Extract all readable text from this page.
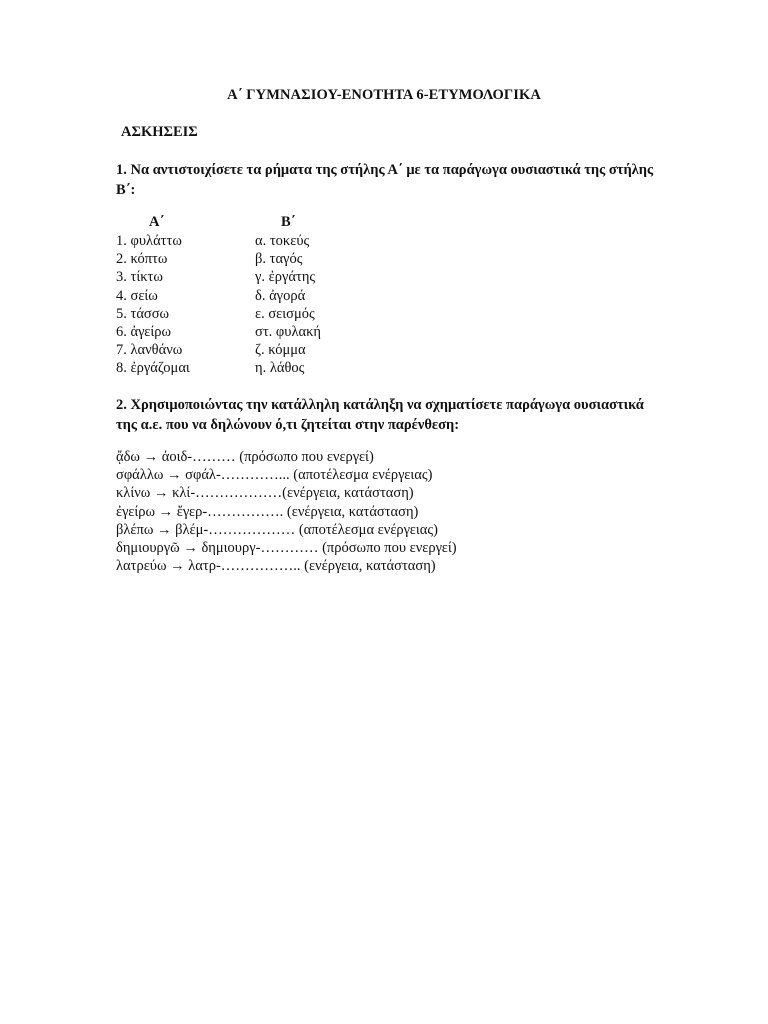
Α΄ ΓΥΜΝΑΣΙΟΥ-ΕΝΟΤΗΤΑ 6-ΕΤΥΜΟΛΟΓΙΚΑ
ΑΣΚΗΣΕΙΣ
1. Να αντιστοιχίσετε τα ρήματα της στήλης Α΄ με τα παράγωγα ουσιαστικά της στήλης Β΄:
Α΄	Β΄
1. φυλάττω
2. κόπτω
3. τίκτω
4. σείω
5. τάσσω
6. ἀγείρω
7. λανθάνω
8. ἐργάζομαι
α. τοκεύς
β. ταγός
γ. ἐργάτης
δ. ἀγορά
ε. σεισμός
στ. φυλακή
ζ. κόμμα
η. λάθος
2. Χρησιμοποιώντας την κατάλληλη κατάληξη να σχηματίσετε παράγωγα ουσιαστικά της α.ε. που να δηλώνουν ό,τι ζητείται στην παρένθεση:
ᾄδω → ἀοιδ-……… (πρόσωπο που ενεργεί)
σφάλλω → σφάλ-…………... (αποτέλεσμα ενέργειας)
κλίνω → κλί-………………(ενέργεια, κατάσταση)
ἐγείρω → ἔγερ-……………. (ενέργεια, κατάσταση)
βλέπω → βλέμ-……………… (αποτέλεσμα ενέργειας)
δημιουργῶ → δημιουργ-………… (πρόσωπο που ενεργεί)
λατρεύω → λατρ-…………….. (ενέργεια, κατάσταση)
